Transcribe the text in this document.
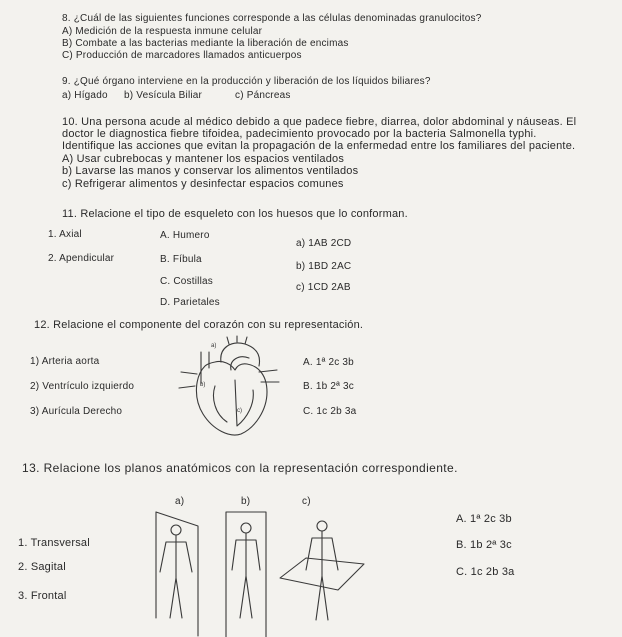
8. ¿Cuál de las siguientes funciones corresponde a las células denominadas granulocitos?
A) Medición de la respuesta inmune celular
B) Combate a las bacterias mediante la liberación de encimas
C) Producción de marcadores llamados anticuerpos
9. ¿Qué órgano interviene en la producción y liberación de los líquidos biliares?
a) Hígado b) Vesícula Biliar	c) Páncreas
10. Una persona acude al médico debido a que padece fiebre, diarrea, dolor abdominal y náuseas. El
doctor le diagnostica fiebre tifoidea, padecimiento provocado por la bacteria Salmonella typhi.
Identifique las acciones que evitan la propagación de la enfermedad entre los familiares del paciente.
A) Usar cubrebocas y mantener los espacios ventilados
b) Lavarse las manos y conservar los alimentos ventilados
c) Refrigerar alimentos y desinfectar espacios comunes
11. Relacione el tipo de esqueleto con los huesos que lo conforman.
1. Axial
2. Apendicular
A. Humero
B. Fíbula
C. Costillas
D. Parietales
a) 1AB 2CD
b) 1BD 2AC
c) 1CD 2AB
12. Relacione el componente del corazón con su representación.
1) Arteria aorta
2) Ventrículo izquierdo
3) Aurícula Derecho
A. 1ª 2c 3b
B. 1b 2ª 3c
C. 1c 2b 3a
a)
b)
c)
13. Relacione los planos anatómicos con la representación correspondiente.
1. Transversal
2. Sagital
3. Frontal
a)	b)	c)
A. 1ª 2c 3b
B. 1b 2ª 3c
C. 1c 2b 3a
